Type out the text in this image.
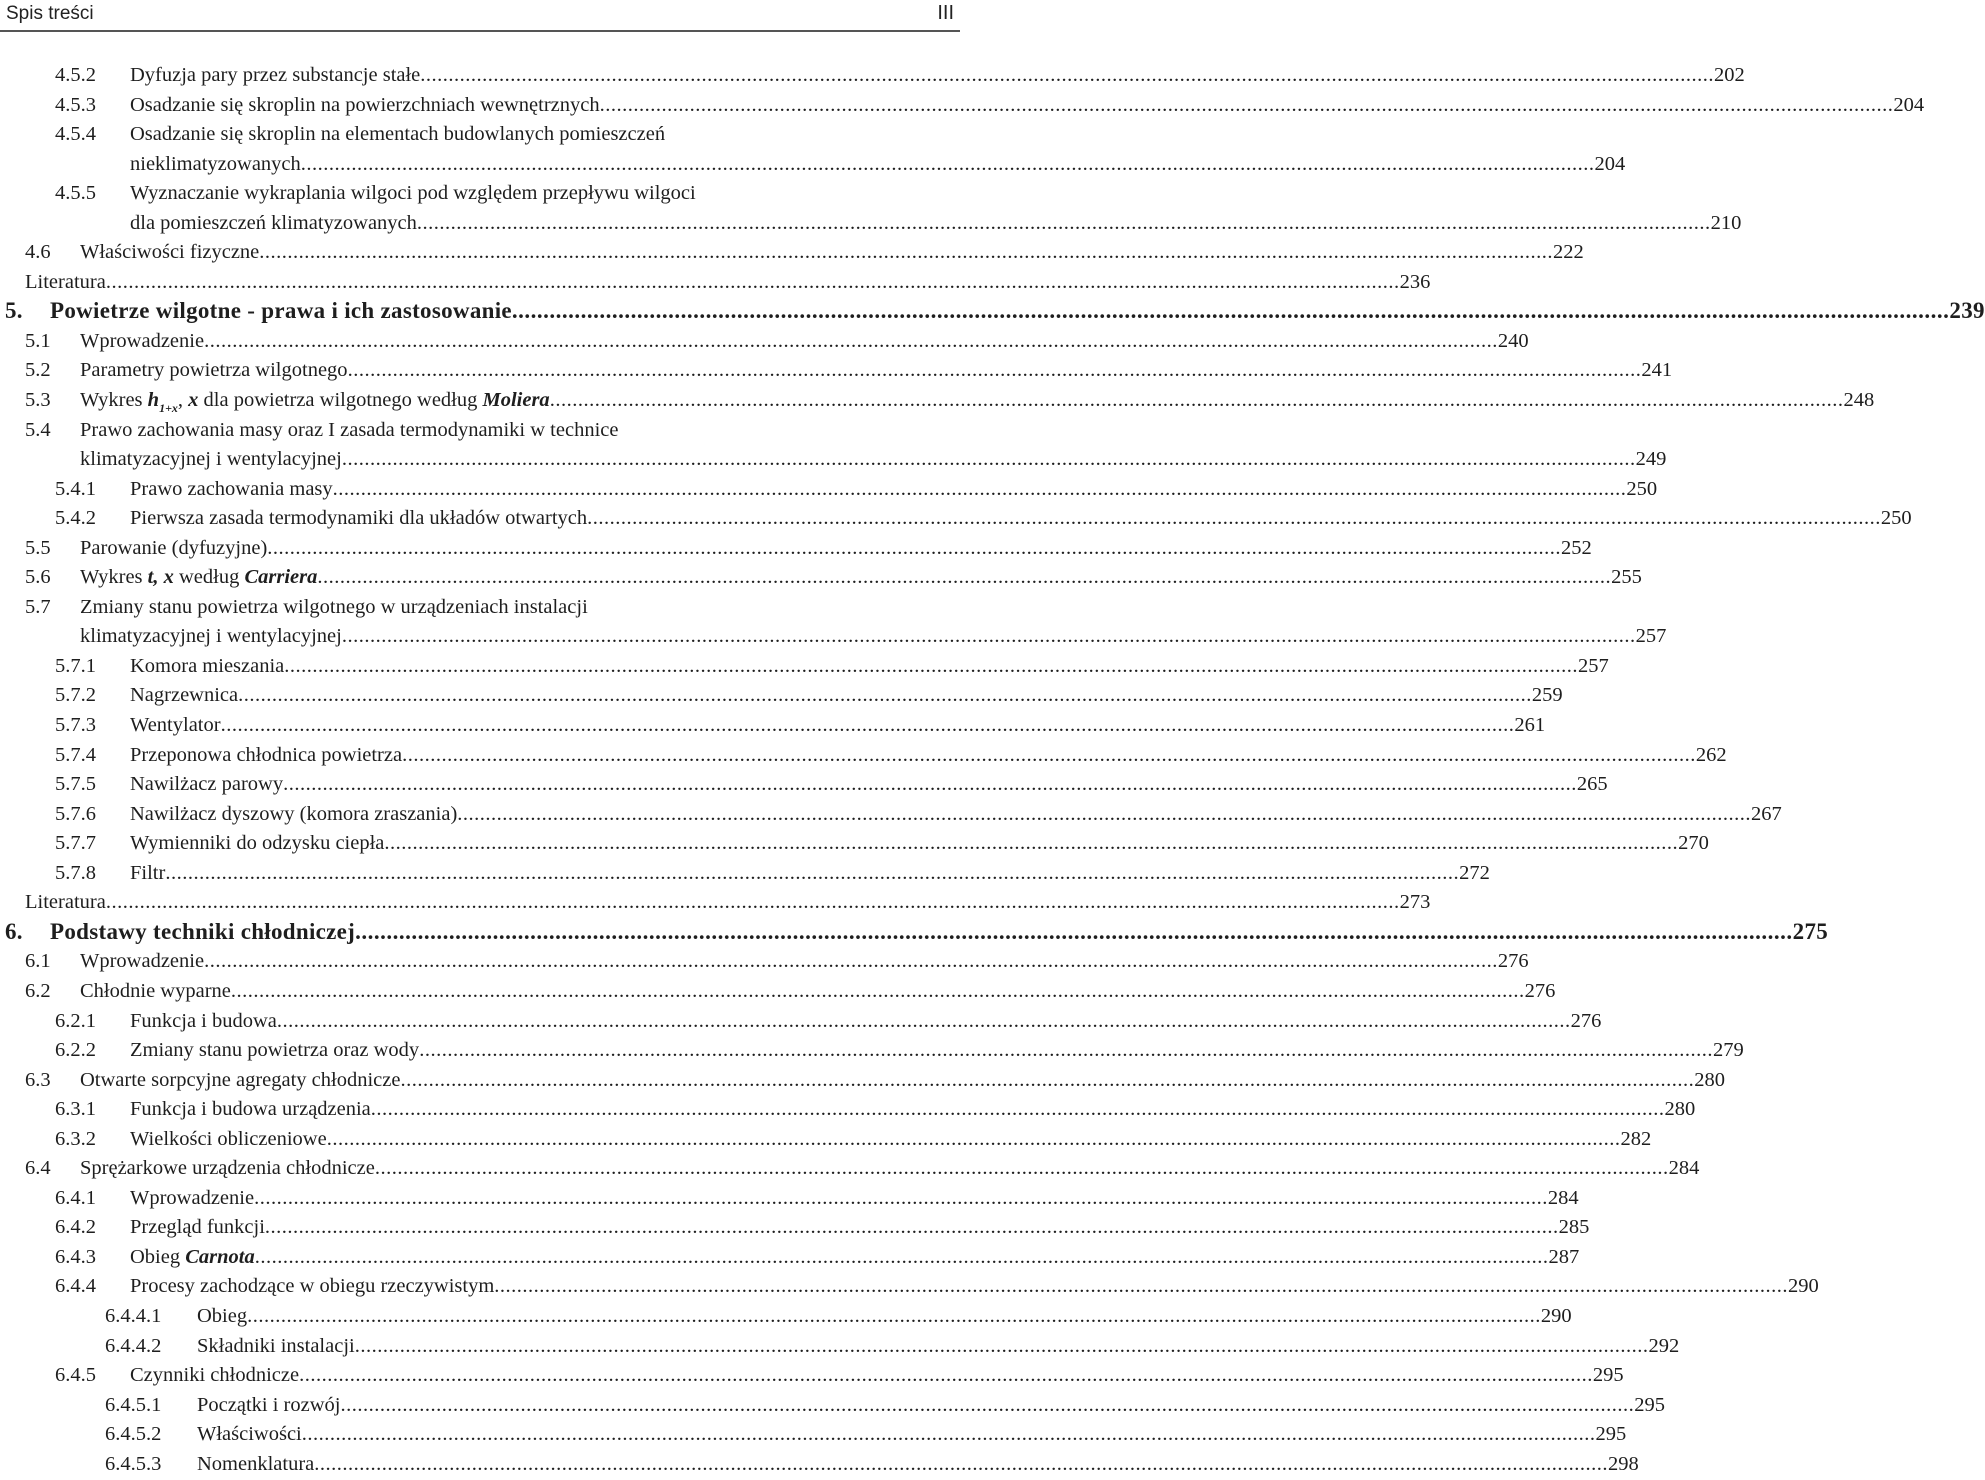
Spis treści	III
4.5.2 Dyfuzja pary przez substancje stałe .....	202
4.5.3 Osadzanie się skroplin na powierzchniach wewnętrznych .....	204
4.5.4 Osadzanie się skroplin na elementach budowlanych pomieszczeń
nieklimatyzowanych .....	204
4.5.5 Wyznaczanie wykraplania wilgoci pod względem przepływu wilgoci
dla pomieszczeń klimatyzowanych .....	210
4.6 Właściwości fizyczne .....	222
Literatura .....	236
5. Powietrze wilgotne - prawa i ich zastosowanie .....	239
5.1 Wprowadzenie .....	240
5.2 Parametry powietrza wilgotnego .....	241
5.3 Wykres $h_{1+x}$, x dla powietrza wilgotnego według Moliera .....	248
5.4 Prawo zachowania masy oraz I zasada termodynamiki w technice
klimatyzacyjnej i wentylacyjnej .....	249
5.4.1 Prawo zachowania masy .....	250
5.4.2 Pierwsza zasada termodynamiki dla układów otwartych .....	250
5.5 Parowanie (dyfuzyjne) .....	252
5.6 Wykres t, x według Carriera .....	255
5.7 Zmiany stanu powietrza wilgotnego w urządzeniach instalacji
klimatyzacyjnej i wentylacyjnej .....	257
5.7.1 Komora mieszania .....	257
5.7.2 Nagrzewnica .....	259
5.7.3 Wentylator .....	261
5.7.4 Przeponowa chłodnica powietrza .....	262
5.7.5 Nawilżacz parowy .....	265
5.7.6 Nawilżacz dyszowy (komora zraszania) .....	267
5.7.7 Wymienniki do odzysku ciepła .....	270
5.7.8 Filtr .....	272
Literatura .....	273
6. Podstawy techniki chłodniczej .....	275
6.1 Wprowadzenie .....	276
6.2 Chłodnie wyparne .....	276
6.2.1 Funkcja i budowa .....	276
6.2.2 Zmiany stanu powietrza oraz wody .....	279
6.3 Otwarte sorpcyjne agregaty chłodnicze .....	280
6.3.1 Funkcja i budowa urządzenia .....	280
6.3.2 Wielkości obliczeniowe .....	282
6.4 Sprężarkowe urządzenia chłodnicze .....	284
6.4.1 Wprowadzenie .....	284
6.4.2 Przegląd funkcji .....	285
6.4.3 Obieg Carnota .....	287
6.4.4 Procesy zachodzące w obiegu rzeczywistym .....	290
6.4.4.1 Obieg .....	290
6.4.4.2 Składniki instalacji .....	292
6.4.5 Czynniki chłodnicze .....	295
6.4.5.1 Początki i rozwój .....	295
6.4.5.2 Właściwości .....	295
6.4.5.3 Nomenklatura .....	298
